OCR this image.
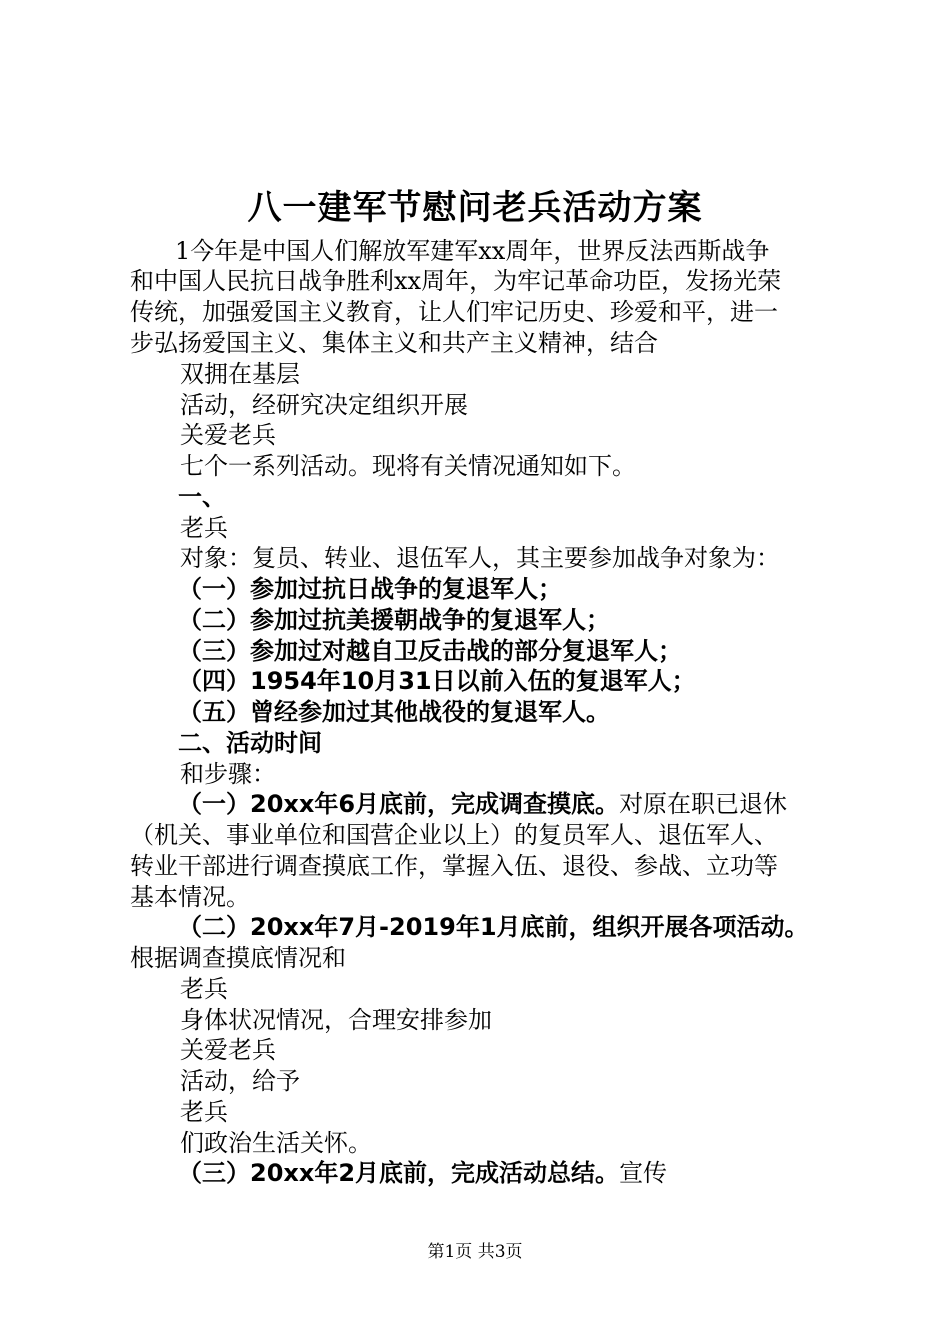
八一建军节慰问老兵活动方案
1今年是中国人们解放军建军xx周年，世界反法西斯战争
和中国人民抗日战争胜利xx周年，为牢记革命功臣，发扬光荣
传统，加强爱国主义教育，让人们牢记历史、珍爱和平，进一
步弘扬爱国主义、集体主义和共产主义精神，结合
双拥在基层
活动，经研究决定组织开展
关爱老兵
七个一系列活动。现将有关情况通知如下。
一、
老兵
对象：复员、转业、退伍军人，其主要参加战争对象为：
（一）参加过抗日战争的复退军人；
（二）参加过抗美援朝战争的复退军人；
（三）参加过对越自卫反击战的部分复退军人；
（四）1954年10月31日以前入伍的复退军人；
（五）曾经参加过其他战役的复退军人。
二、活动时间
和步骤：
（一）20xx年6月底前，完成调查摸底。对原在职已退休
（机关、事业单位和国营企业以上）的复员军人、退伍军人、
转业干部进行调查摸底工作，掌握入伍、退役、参战、立功等
基本情况。
（二）20xx年7月-2019年1月底前，组织开展各项活动。
根据调查摸底情况和
老兵
身体状况情况，合理安排参加
关爱老兵
活动，给予
老兵
们政治生活关怀。
（三）20xx年2月底前，完成活动总结。宣传
第1页 共3页
